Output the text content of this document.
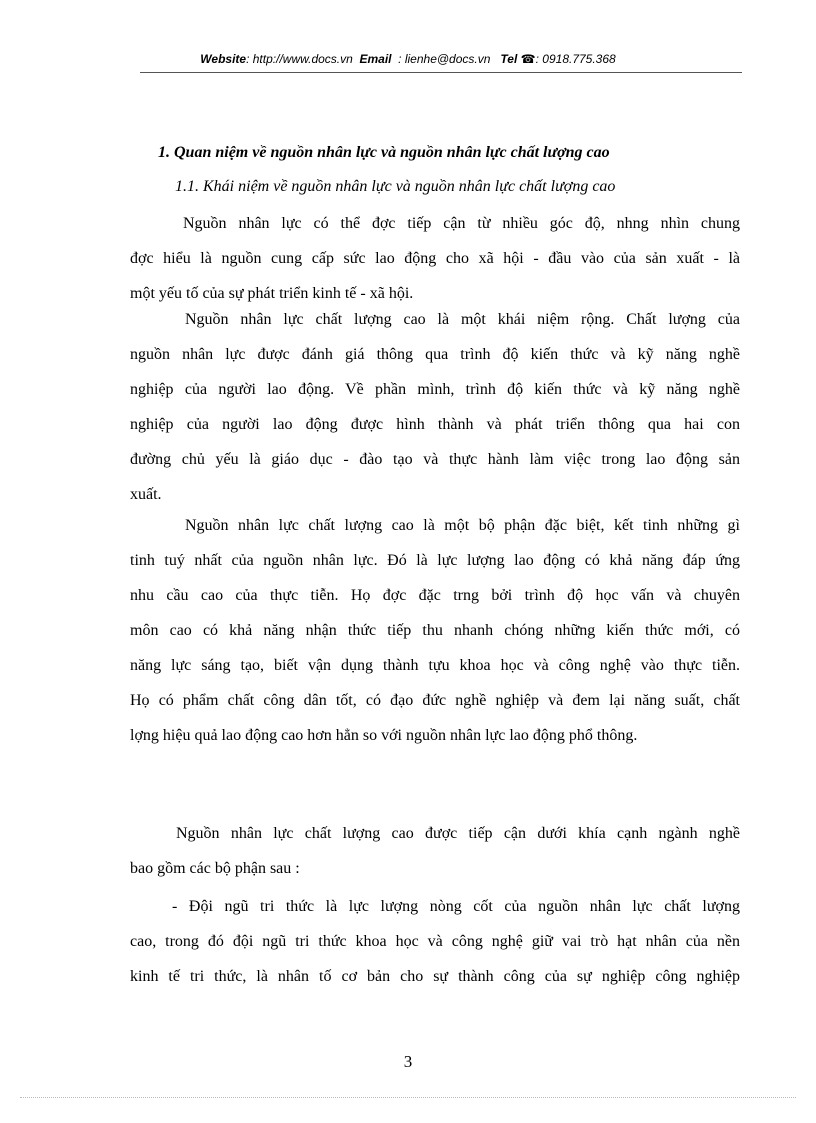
Website: http://www.docs.vn Email : lienhe@docs.vn Tel ☎: 0918.775.368
1. Quan niệm về nguồn nhân lực và nguồn nhân lực chất lượng cao
1.1. Khái niệm về nguồn nhân lực và nguồn nhân lực chất lượng cao
Nguồn nhân lực có thể đợc tiếp cận từ nhiều góc độ, nhng nhìn chung
đợc hiểu là nguồn cung cấp sức lao động cho xã hội - đầu vào của sản xuất - là
một yếu tố của sự phát triển kinh tế - xã hội.
Nguồn nhân lực chất lượng cao là một khái niệm rộng. Chất lượng của
nguồn nhân lực được đánh giá thông qua trình độ kiến thức và kỹ năng nghề
nghiệp của người lao động. Về phần mình, trình độ kiến thức và kỹ năng nghề
nghiệp của người lao động được hình thành và phát triển thông qua hai con
đường chủ yếu là giáo dục - đào tạo và thực hành làm việc trong lao động sản
xuất.
Nguồn nhân lực chất lượng cao là một bộ phận đặc biệt, kết tinh những gì
tinh tuý nhất của nguồn nhân lực. Đó là lực lượng lao động có khả năng đáp ứng
nhu cầu cao của thực tiễn. Họ đợc đặc trng bởi trình độ học vấn và chuyên
môn cao có khả năng nhận thức tiếp thu nhanh chóng những kiến thức mới, có
năng lực sáng tạo, biết vận dụng thành tựu khoa học và công nghệ vào thực tiễn.
Họ có phẩm chất công dân tốt, có đạo đức nghề nghiệp và đem lại năng suất, chất
lợng hiệu quả lao động cao hơn hẳn so với nguồn nhân lực lao động phổ thông.
Nguồn nhân lực chất lượng cao được tiếp cận dưới khía cạnh ngành nghề
bao gồm các bộ phận sau :
- Đội ngũ tri thức là lực lượng nòng cốt của nguồn nhân lực chất lượng
cao, trong đó đội ngũ tri thức khoa học và công nghệ giữ vai trò hạt nhân của nền
kinh tế tri thức, là nhân tố cơ bản cho sự thành công của sự nghiệp công nghiệp
3
